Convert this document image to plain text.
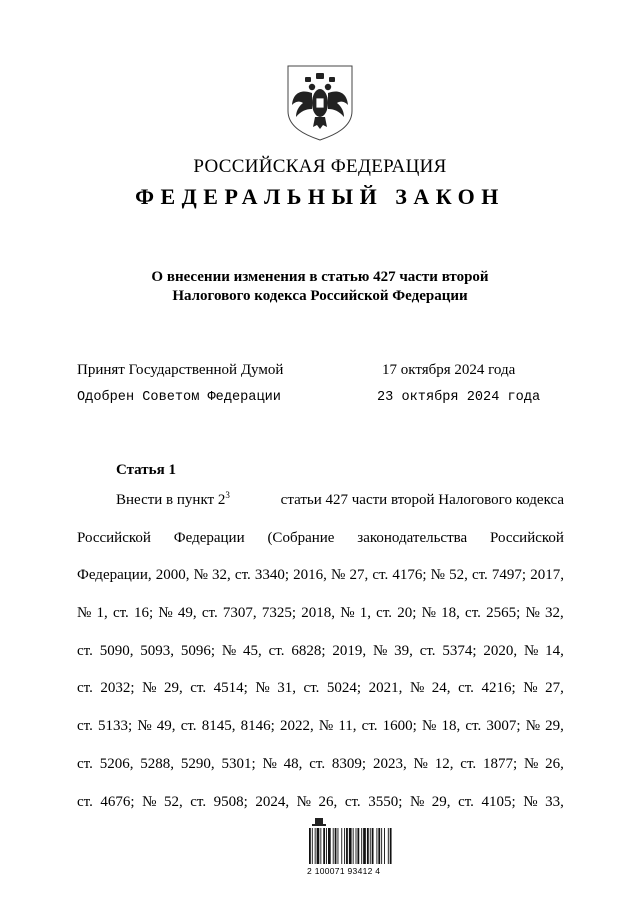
РОССИЙСКАЯ ФЕДЕРАЦИЯ
ФЕДЕРАЛЬНЫЙ ЗАКОН
О внесении изменения в статью 427 части второй
Налогового кодекса Российской Федерации
Принят Государственной Думой	17 октября 2024 года
Одобрен Советом Федерации	23 октября 2024 года
Статья 1
Внести в пункт $2^3$	статьи 427 части второй Налогового кодекса
Российской Федерации (Собрание законодательства Российской
Федерации, 2000, № 32, ст. 3340; 2016, № 27, ст. 4176; № 52, ст. 7497; 2017,
№ 1, ст. 16; № 49, ст. 7307, 7325; 2018, № 1, ст. 20; № 18, ст. 2565; № 32,
ст. 5090, 5093, 5096; № 45, ст. 6828; 2019, № 39, ст. 5374; 2020, № 14,
ст. 2032; № 29, ст. 4514; № 31, ст. 5024; 2021, № 24, ст. 4216; № 27,
ст. 5133; № 49, ст. 8145, 8146; 2022, № 11, ст. 1600; № 18, ст. 3007; № 29,
ст. 5206, 5288, 5290, 5301; № 48, ст. 8309; 2023, № 12, ст. 1877; № 26,
ст. 4676; № 52, ст. 9508; 2024, № 26, ст. 3550; № 29, ст. 4105; № 33,
2 100071 93412 4
